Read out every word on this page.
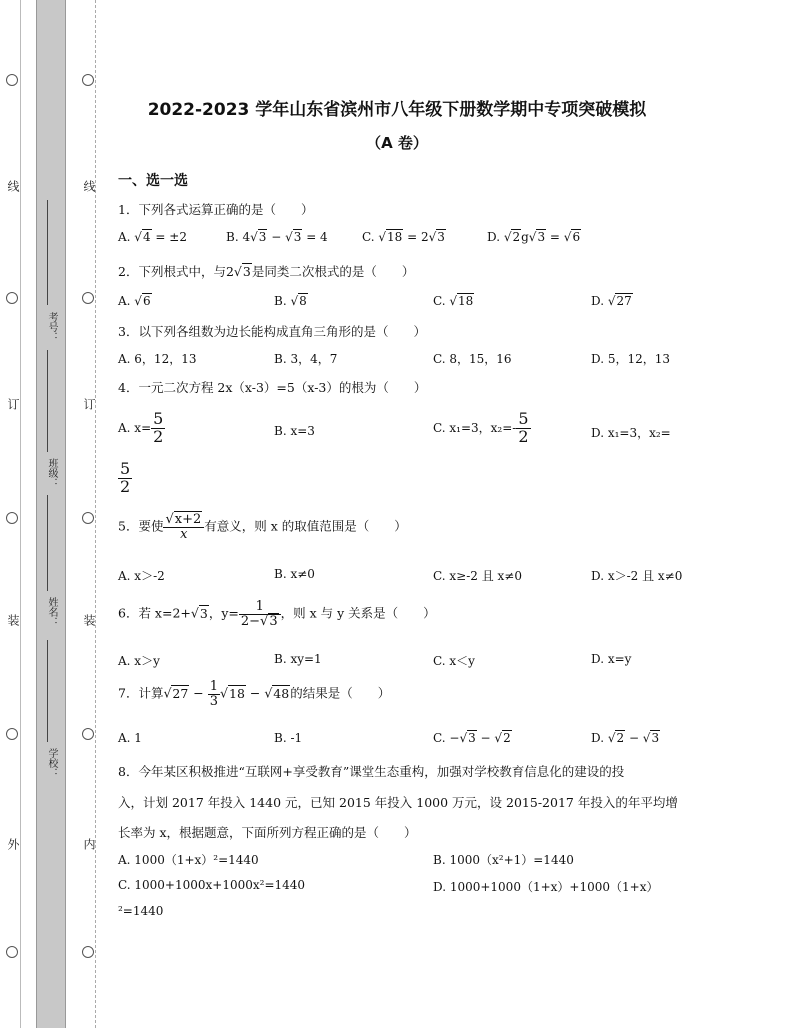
线
订
装
外
线
订
装
内
考号：
班级：
姓名：
学校：
2022-2023 学年山东省滨州市八年级下册数学期中专项突破模拟
（A 卷）
一、选一选
1．下列各式运算正确的是（　　）
A. √4 = ±2	B. 4√3 − √3 = 4	C. √18 = 2√3	D. √2g√3 = √6
2．下列根式中，与2√3是同类二次根式的是（　　）
A. √6	B. √8	C. √18	D. √27
3．以下列各组数为边长能构成直角三角形的是（　　）
A. 6，12，13	B. 3，4，7	C. 8，15，16	D. 5，12，13
4．一元二次方程 2x（x-3）=5（x-3）的根为（　　）
A. $x= \frac{5}{2}$	B. x=3	C. x₁=3，$x_2=- \frac{5}{2}$	D. x₁=3，x₂=
$\frac{5}{2}$
5．要使 $\frac{√x+2}{x}$ 有意义，则 x 的取值范围是（　　）
A. x＞-2	B. x≠0	C. x≥-2 且 x≠0	D. x＞-2 且 x≠0
6．若 x=2+√3，$y= \frac{1}{2-√3}$ ，则 x 与 y 关系是（　　）
A. x＞y	B. xy=1	C. x＜y	D. x=y
7．计算$√27 - \frac{1}{3} √18 - √48$的结果是（　　）
A. 1	B. -1	C. −√3 − √2	D. √2 − √3
8．今年某区积极推进“互联网+享受教育”课堂生态重构，加强对学校教育信息化的建设的投
入，计划 2017 年投入 1440 元，已知 2015 年投入 1000 万元，设 2015-2017 年投入的年平均增
长率为 x，根据题意，下面所列方程正确的是（　　）
A. 1000（1+x）²=1440	B. 1000（x²+1）=1440
C. 1000+1000x+1000x²=1440	D. 1000+1000（1+x）+1000（1+x）
²=1440
